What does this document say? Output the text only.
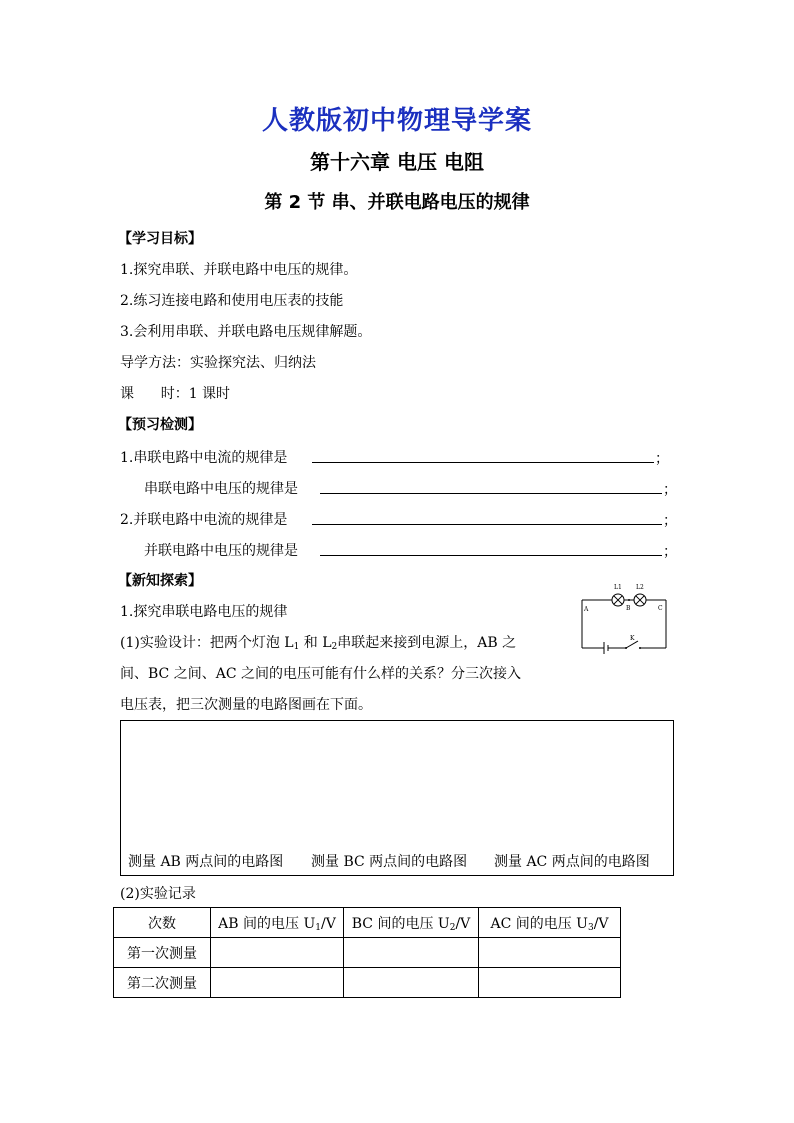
人教版初中物理导学案
第十六章 电压 电阻
第 2 节 串、并联电路电压的规律
【学习目标】
1.探究串联、并联电路中电压的规律。
2.练习连接电路和使用电压表的技能
3.会利用串联、并联电路电压规律解题。
导学方法：实验探究法、归纳法
课      时：1 课时
【预习检测】
1.串联电路中电流的规律是	；
串联电路中电压的规律是	；
2.并联电路中电流的规律是	；
并联电路中电压的规律是	；
【新知探索】
1.探究串联电路电压的规律
(1)实验设计：把两个灯泡 $L_1$ 和 $L_2$串联起来接到电源上，AB 之
间、BC 之间、AC 之间的电压可能有什么样的关系？分三次接入
电压表，把三次测量的电路图画在下面。
A	B	C
L1 L2
K
测量 AB 两点间的电路图 测量 BC 两点间的电路图 测量 AC 两点间的电路图
(2)实验记录
次数	AB 间的电压 $U_1/V$	BC 间的电压 $U_2/V$	AC 间的电压 $U_3/V$
第一次测量			
第二次测量			
